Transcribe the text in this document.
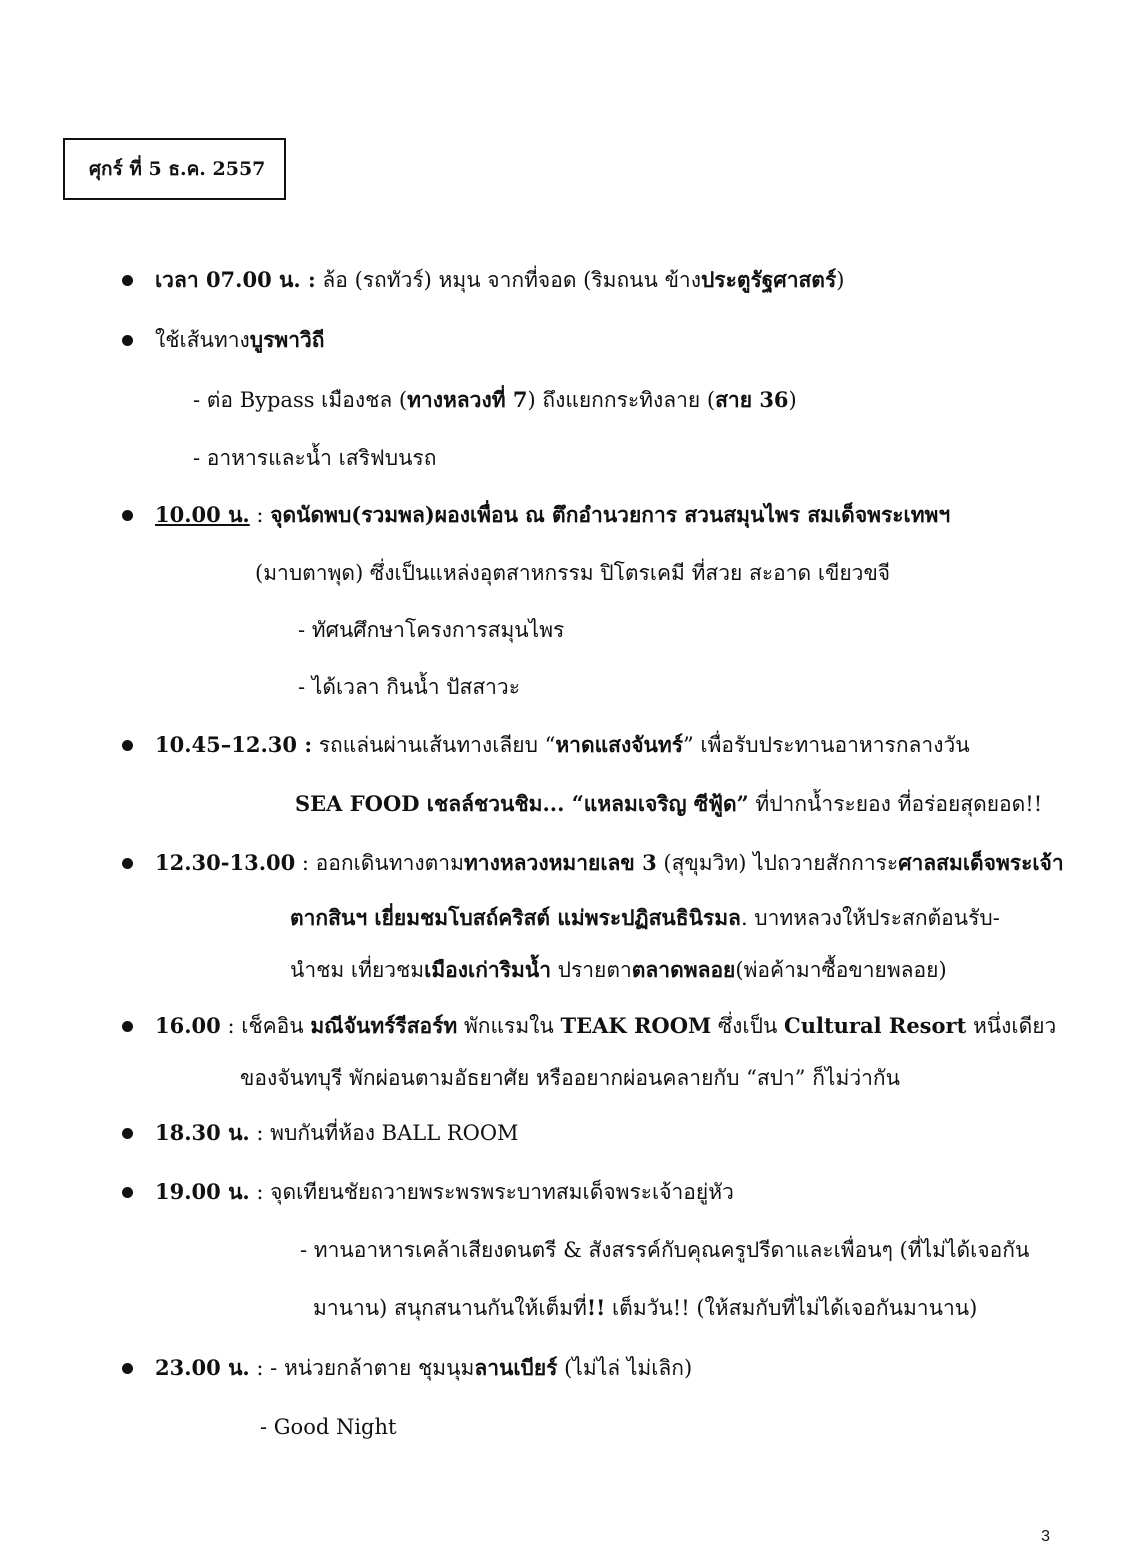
ศุกร์ ที่ 5 ธ.ค. 2557
เวลา 07.00 น. : ล้อ (รถทัวร์) หมุน จากที่จอด (ริมถนน ข้างประตูรัฐศาสตร์)
ใช้เส้นทางบูรพาวิถี
- ต่อ Bypass เมืองชล (ทางหลวงที่ 7) ถึงแยกกระทิงลาย (สาย 36)
- อาหารและน้ำ เสริฟบนรถ
10.00 น. : จุดนัดพบ(รวมพล)ผองเพื่อน ณ ตึกอำนวยการ สวนสมุนไพร สมเด็จพระเทพฯ
(มาบตาพุด) ซึ่งเป็นแหล่งอุตสาหกรรม ปิโตรเคมี ที่สวย สะอาด เขียวขจี
- ทัศนศึกษาโครงการสมุนไพร
- ได้เวลา กินน้ำ ปัสสาวะ
10.45–12.30 : รถแล่นผ่านเส้นทางเลียบ “หาดแสงจันทร์” เพื่อรับประทานอาหารกลางวัน
SEA FOOD เชลล์ชวนชิม... “แหลมเจริญ ซีฟู้ด” ที่ปากน้ำระยอง ที่อร่อยสุดยอด!!
12.30-13.00 : ออกเดินทางตามทางหลวงหมายเลข 3 (สุขุมวิท) ไปถวายสักการะศาลสมเด็จพระเจ้า
ตากสินฯ เยี่ยมชมโบสถ์คริสต์ แม่พระปฏิสนธินิรมล. บาทหลวงให้ประสกต้อนรับ-
นำชม เที่ยวชมเมืองเก่าริมน้ำ ปรายตาตลาดพลอย(พ่อค้ามาซื้อขายพลอย)
16.00 : เช็คอิน มณีจันทร์รีสอร์ท พักแรมใน TEAK ROOM ซึ่งเป็น Cultural Resort หนึ่งเดียว
ของจันทบุรี พักผ่อนตามอัธยาศัย หรืออยากผ่อนคลายกับ “สปา” ก็ไม่ว่ากัน
18.30 น. : พบกันที่ห้อง BALL ROOM
19.00 น. : จุดเทียนชัยถวายพระพรพระบาทสมเด็จพระเจ้าอยู่หัว
- ทานอาหารเคล้าเสียงดนตรี & สังสรรค์กับคุณครูปรีดาและเพื่อนๆ (ที่ไม่ได้เจอกัน
มานาน) สนุกสนานกันให้เต็มที่!! เต็มวัน!! (ให้สมกับที่ไม่ได้เจอกันมานาน)
23.00 น. : - หน่วยกล้าตาย ชุมนุมลานเบียร์ (ไม่ไล่ ไม่เลิก)
- Good Night
3
